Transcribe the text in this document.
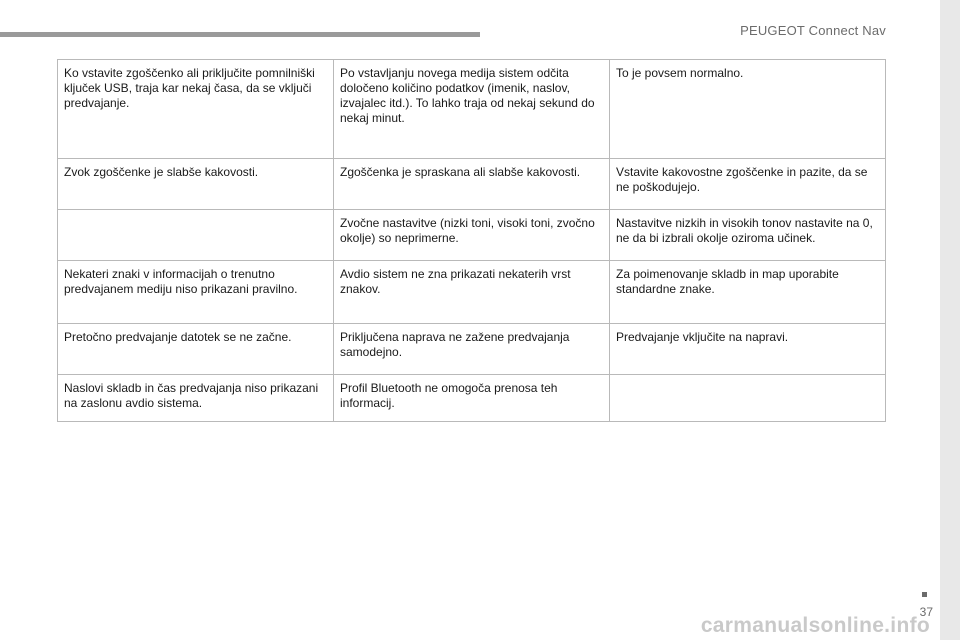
PEUGEOT Connect Nav
37
carmanualsonline.info
Ko vstavite zgoščenko ali priključite pomnilniški ključek USB, traja kar nekaj časa, da se vključi predvajanje.	Po vstavljanju novega medija sistem odčita določeno količino podatkov (imenik, naslov, izvajalec itd.). To lahko traja od nekaj sekund do nekaj minut.	To je povsem normalno.
Zvok zgoščenke je slabše kakovosti.	Zgoščenka je spraskana ali slabše kakovosti.	Vstavite kakovostne zgoščenke in pazite, da se ne poškodujejo.
	Zvočne nastavitve (nizki toni, visoki toni, zvočno okolje) so neprimerne.	Nastavitve nizkih in visokih tonov nastavite na 0, ne da bi izbrali okolje oziroma učinek.
Nekateri znaki v informacijah o trenutno predvajanem mediju niso prikazani pravilno.	Avdio sistem ne zna prikazati nekaterih vrst znakov.	Za poimenovanje skladb in map uporabite standardne znake.
Pretočno predvajanje datotek se ne začne.	Priključena naprava ne zažene predvajanja samodejno.	Predvajanje vključite na napravi.
Naslovi skladb in čas predvajanja niso prikazani na zaslonu avdio sistema.	Profil Bluetooth ne omogoča prenosa teh informacij.	
